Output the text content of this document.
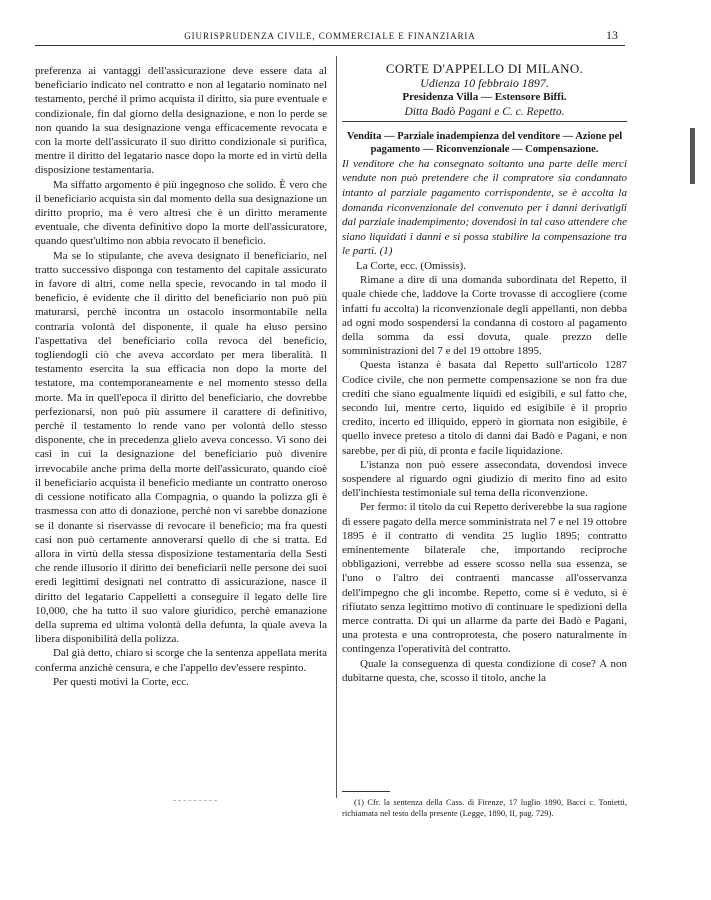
GIURISPRUDENZA CIVILE, COMMERCIALE E FINANZIARIA	13

preferenza ai vantaggi dell'assicurazione deve essere data al beneficiario indicato nel contratto e non al legatario nominato nel testamento, perché il primo acquista il diritto, sia pure eventuale e condizionale, fin dal giorno della designazione, e non lo perde se non quando la sua designazione venga efficacemente revocata e con la morte dell'assicurato il suo diritto condizionale si purifica, mentre il diritto del legatario nasce dopo la morte ed in virtù della disposizione testamentaria.

Ma siffatto argomento è più ingegnoso che solido. È vero che il beneficiario acquista sin dal momento della sua designazione un diritto proprio, ma è vero altresì che è un diritto meramente eventuale, che diventa definitivo dopo la morte dell'assicuratore, quando quest'ultimo non abbia revocato il beneficio.

Ma se lo stipulante, che aveva designato il beneficiario, nel tratto successivo disponga con testamento del capitale assicurato in favore di altri, come nella specie, revocando in tal modo il beneficio, è evidente che il diritto del beneficiario non può più maturarsi, perchè incontra un ostacolo insormontabile nella contraria volontà del disponente, il quale ha eluso persino l'aspettativa del beneficiario colla revoca del beneficio, togliendogli ciò che aveva accordato per mera liberalità. Il testamento esercita la sua efficacia non dopo la morte del testatore, ma contemporaneamente e nel momento stesso della morte. Ma in quell'epoca il diritto del beneficiario, che dovrebbe perfezionarsi, non può più assumere il carattere di definitivo, perchè il testamento lo rende vano per volontà dello stesso disponente, che in precedenza glielo aveva concesso. Vi sono dei casi in cui la designazione del beneficiario può divenire irrevocabile anche prima della morte dell'assicurato, quando cioè il beneficiario acquista il beneficio mediante un contratto oneroso di cessione notificato alla Compagnia, o quando la polizza gli è trasmessa con atto di donazione, perchè non vi sarebbe donazione se il donante si riservasse di revocare il beneficio; ma fra questi casi non può certamente annoverarsi quello di che si tratta. Ed allora in virtù della stessa disposizione testamentaria della Sesti che rende illusorio il diritto dei beneficiarii nelle persone dei suoi eredi legittimi designati nel contratto di assicurazione, nasce il diritto del legatario Cappelletti a conseguire il legato delle lire 10,000, che ha tutto il suo valore giuridico, perchè emanazione della suprema ed ultima volontà della defunta, la quale aveva la libera disponibilità della polizza.

Dal già detto, chiaro si scorge che la sentenza appellata merita conferma anzichè censura, e che l'appello dev'essere respinto.

Per questi motivi la Corte, ecc.

CORTE D'APPELLO DI MILANO.

Udienza 10 febbraio 1897.

Presidenza Villa — Estensore Biffi.

Ditta Badò Pagani e C. c. Repetto.

Vendita — Parziale inadempienza del venditore — Azione pel pagamento — Riconvenzionale — Compensazione.

Il venditore che ha consegnato soltanto una parte delle merci vendute non può pretendere che il compratore sia condannato intanto al parziale pagamento corrispondente, se è accolta la domanda riconvenzionale del convenuto per i danni derivatigli dal parziale inadempimento; dovendosi in tal caso attendere che siano liquidati i danni e si possa stabilire la compensazione tra le parti. (1)

La Corte, ecc. (Omissis).

Rimane a dire di una domanda subordinata del Repetto, il quale chiede che, laddove la Corte trovasse di accogliere (come infatti fu accolta) la riconvenzionale degli appellanti, non debba ad ogni modo sospendersi la condanna di costoro al pagamento della somma da essi dovuta, quale prezzo delle somministrazioni del 7 e del 19 ottobre 1895.

Questa istanza è basata dal Repetto sull'articolo 1287 Codice civile, che non permette compensazione se non fra due crediti che siano egualmente liquidi ed esigibili, e sul fatto che, secondo lui, mentre certo, liquido ed esigibile è il proprio credito, incerto ed illiquido, epperò in giornata non esigibile, è quello invece preteso a titolo di danni dai Badò e Pagani, e non sarebbe, per di più, di pronta e facile liquidazione.

L'istanza non può essere assecondata, dovendosi invece sospendere al riguardo ogni giudizio di merito fino ad esito dell'inchiesta testimoniale sul tema della riconvenzione.

Per fermo: il titolo da cui Repetto deriverebbe la sua ragione di essere pagato della merce somministrata nel 7 e nel 19 ottobre 1895 è il contratto di vendita 25 luglio 1895; contratto eminentemente bilaterale che, importando reciproche obbligazioni, verrebbe ad essere scosso nella sua essenza, se l'uno o l'altro dei contraenti mancasse all'osservanza dell'impegno che gli incombe. Repetto, come si è veduto, si è rifiutato senza legittimo motivo di continuare le spedizioni della merce contratta. Di qui un allarme da parte dei Badò e Pagani, una protesta e una controprotesta, che posero naturalmente in contingenza l'operatività del contratto.

Quale la conseguenza di questa condizione di cose? A non dubitarne questa, che, scosso il titolo, anche la

(1) Cfr. la sentenza della Cass. di Firenze, 17 luglio 1890, Bacci c. Tonietti, richiamata nel testo della presente (Legge, 1890, II, pag. 729).
